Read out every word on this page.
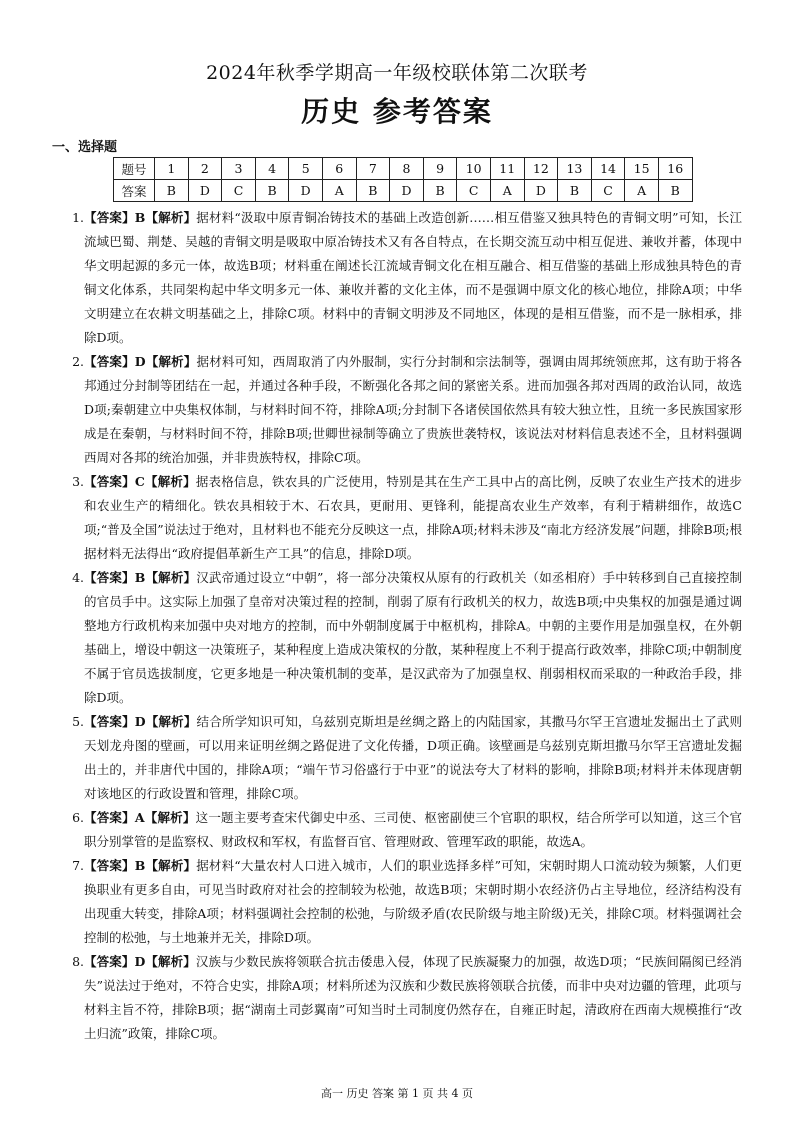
2024年秋季学期高一年级校联体第二次联考
历史 参考答案
一、选择题
题号	1	2	3	4	5	6	7	8	9	10	11	12	13	14	15	16
答案	B	D	C	B	D	A	B	D	B	C	A	D	B	C	A	B
1. 【答案】B【解析】据材料“汲取中原青铜冶铸技术的基础上改造创新……相互借鉴又独具特色的青铜文明”可知，长江流域巴蜀、荆楚、吴越的青铜文明是吸取中原冶铸技术又有各自特点，在长期交流互动中相互促进、兼收并蓄，体现中华文明起源的多元一体，故选B项；材料重在阐述长江流域青铜文化在相互融合、相互借鉴的基础上形成独具特色的青铜文化体系，共同架构起中华文明多元一体、兼收并蓄的文化主体，而不是强调中原文化的核心地位，排除A项；中华文明建立在农耕文明基础之上，排除C项。材料中的青铜文明涉及不同地区，体现的是相互借鉴，而不是一脉相承，排除D项。
2. 【答案】D【解析】据材料可知，西周取消了内外服制，实行分封制和宗法制等，强调由周邦统领庶邦，这有助于将各邦通过分封制等团结在一起，并通过各种手段，不断强化各邦之间的紧密关系。进而加强各邦对西周的政治认同，故选D项;秦朝建立中央集权体制，与材料时间不符，排除A项;分封制下各诸侯国依然具有较大独立性，且统一多民族国家形成是在秦朝，与材料时间不符，排除B项;世卿世禄制等确立了贵族世袭特权，该说法对材料信息表述不全，且材料强调西周对各邦的统治加强，并非贵族特权，排除C项。
3. 【答案】C【解析】据表格信息，铁农具的广泛使用，特别是其在生产工具中占的高比例，反映了农业生产技术的进步和农业生产的精细化。铁农具相较于木、石农具，更耐用、更锋利，能提高农业生产效率，有利于精耕细作，故选C项;“普及全国”说法过于绝对，且材料也不能充分反映这一点，排除A项;材料未涉及“南北方经济发展”问题，排除B项;根据材料无法得出“政府提倡革新生产工具”的信息，排除D项。
4. 【答案】B【解析】汉武帝通过设立“中朝”，将一部分决策权从原有的行政机关（如丞相府）手中转移到自己直接控制的官员手中。这实际上加强了皇帝对决策过程的控制，削弱了原有行政机关的权力，故选B项;中央集权的加强是通过调整地方行政机构来加强中央对地方的控制，而中外朝制度属于中枢机构，排除A。中朝的主要作用是加强皇权，在外朝基础上，增设中朝这一决策班子，某种程度上造成决策权的分散，某种程度上不利于提高行政效率，排除C项;中朝制度不属于官员选拔制度，它更多地是一种决策机制的变革，是汉武帝为了加强皇权、削弱相权而采取的一种政治手段，排除D项。
5. 【答案】D【解析】结合所学知识可知，乌兹别克斯坦是丝绸之路上的内陆国家，其撒马尔罕王宫遗址发掘出土了武则天划龙舟图的壁画，可以用来证明丝绸之路促进了文化传播，D项正确。该壁画是乌兹别克斯坦撒马尔罕王宫遗址发掘出土的，并非唐代中国的，排除A项；“端午节习俗盛行于中亚”的说法夸大了材料的影响，排除B项;材料并未体现唐朝对该地区的行政设置和管理，排除C项。
6. 【答案】A【解析】这一题主要考查宋代御史中丞、三司使、枢密副使三个官职的职权，结合所学可以知道，这三个官职分别掌管的是监察权、财政权和军权，有监督百官、管理财政、管理军政的职能，故选A。
7. 【答案】B【解析】据材料“大量农村人口进入城市，人们的职业选择多样”可知，宋朝时期人口流动较为频繁，人们更换职业有更多自由，可见当时政府对社会的控制较为松弛，故选B项；宋朝时期小农经济仍占主导地位，经济结构没有出现重大转变，排除A项；材料强调社会控制的松弛，与阶级矛盾(农民阶级与地主阶级)无关，排除C项。材料强调社会控制的松弛，与土地兼并无关，排除D项。
8. 【答案】D【解析】汉族与少数民族将领联合抗击倭患入侵，体现了民族凝聚力的加强，故选D项；“民族间隔阂已经消失”说法过于绝对，不符合史实，排除A项；材料所述为汉族和少数民族将领联合抗倭，而非中央对边疆的管理，此项与材料主旨不符，排除B项；据“湖南土司彭翼南”可知当时土司制度仍然存在，自雍正时起，清政府在西南大规模推行“改土归流”政策，排除C项。
高一 历史 答案 第 1 页 共 4 页
